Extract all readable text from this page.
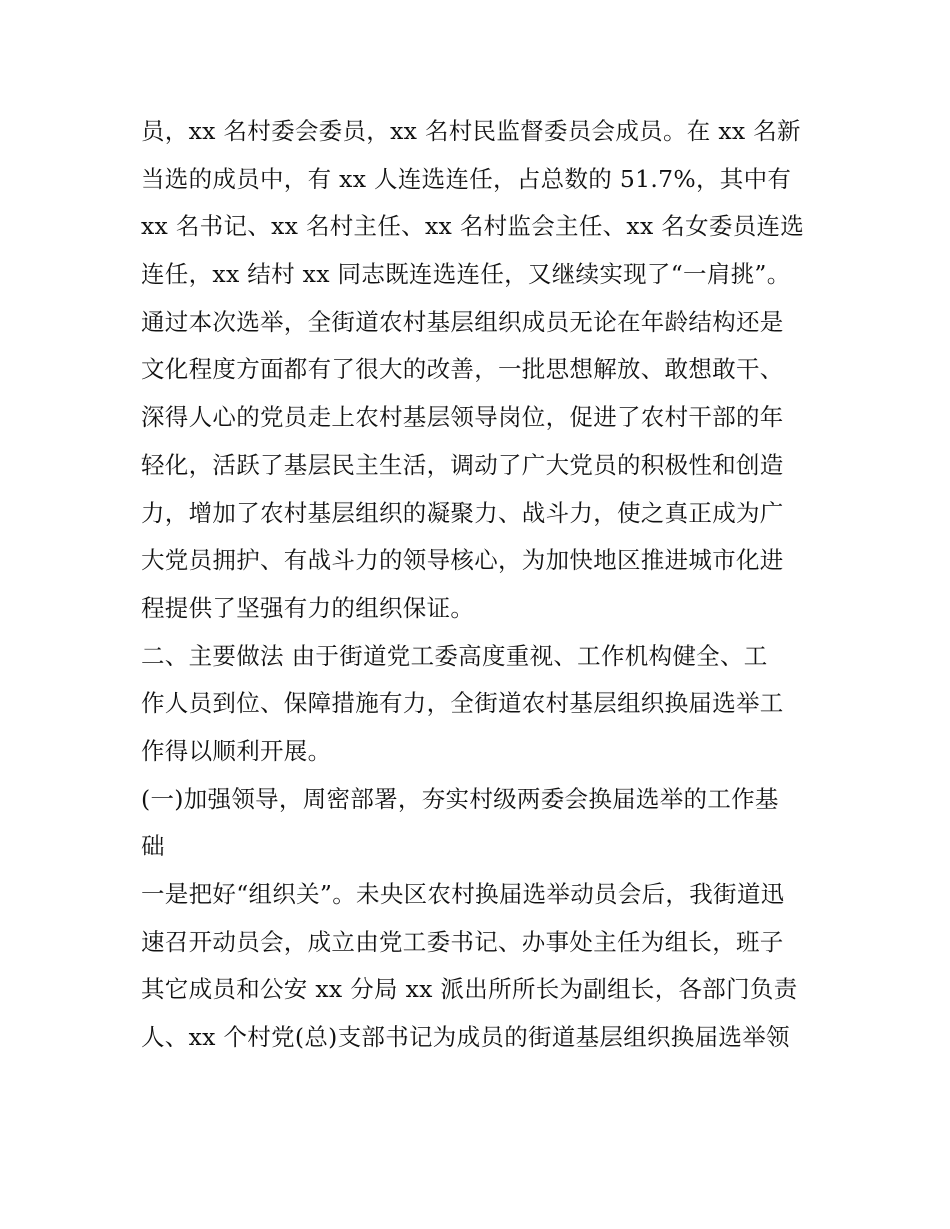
员，xx 名村委会委员，xx 名村民监督委员会成员。在 xx 名新
当选的成员中，有 xx 人连选连任，占总数的 51.7%，其中有
xx 名书记、xx 名村主任、xx 名村监会主任、xx 名女委员连选
连任，xx 结村 xx 同志既连选连任，又继续实现了“一肩挑”。
通过本次选举，全街道农村基层组织成员无论在年龄结构还是
文化程度方面都有了很大的改善，一批思想解放、敢想敢干、
深得人心的党员走上农村基层领导岗位，促进了农村干部的年
轻化，活跃了基层民主生活，调动了广大党员的积极性和创造
力，增加了农村基层组织的凝聚力、战斗力，使之真正成为广
大党员拥护、有战斗力的领导核心，为加快地区推进城市化进
程提供了坚强有力的组织保证。
二、主要做法 由于街道党工委高度重视、工作机构健全、工
作人员到位、保障措施有力，全街道农村基层组织换届选举工
作得以顺利开展。
(一)加强领导，周密部署，夯实村级两委会换届选举的工作基
础
一是把好“组织关”。未央区农村换届选举动员会后，我街道迅
速召开动员会，成立由党工委书记、办事处主任为组长，班子
其它成员和公安 xx 分局 xx 派出所所长为副组长，各部门负责
人、xx 个村党(总)支部书记为成员的街道基层组织换届选举领
